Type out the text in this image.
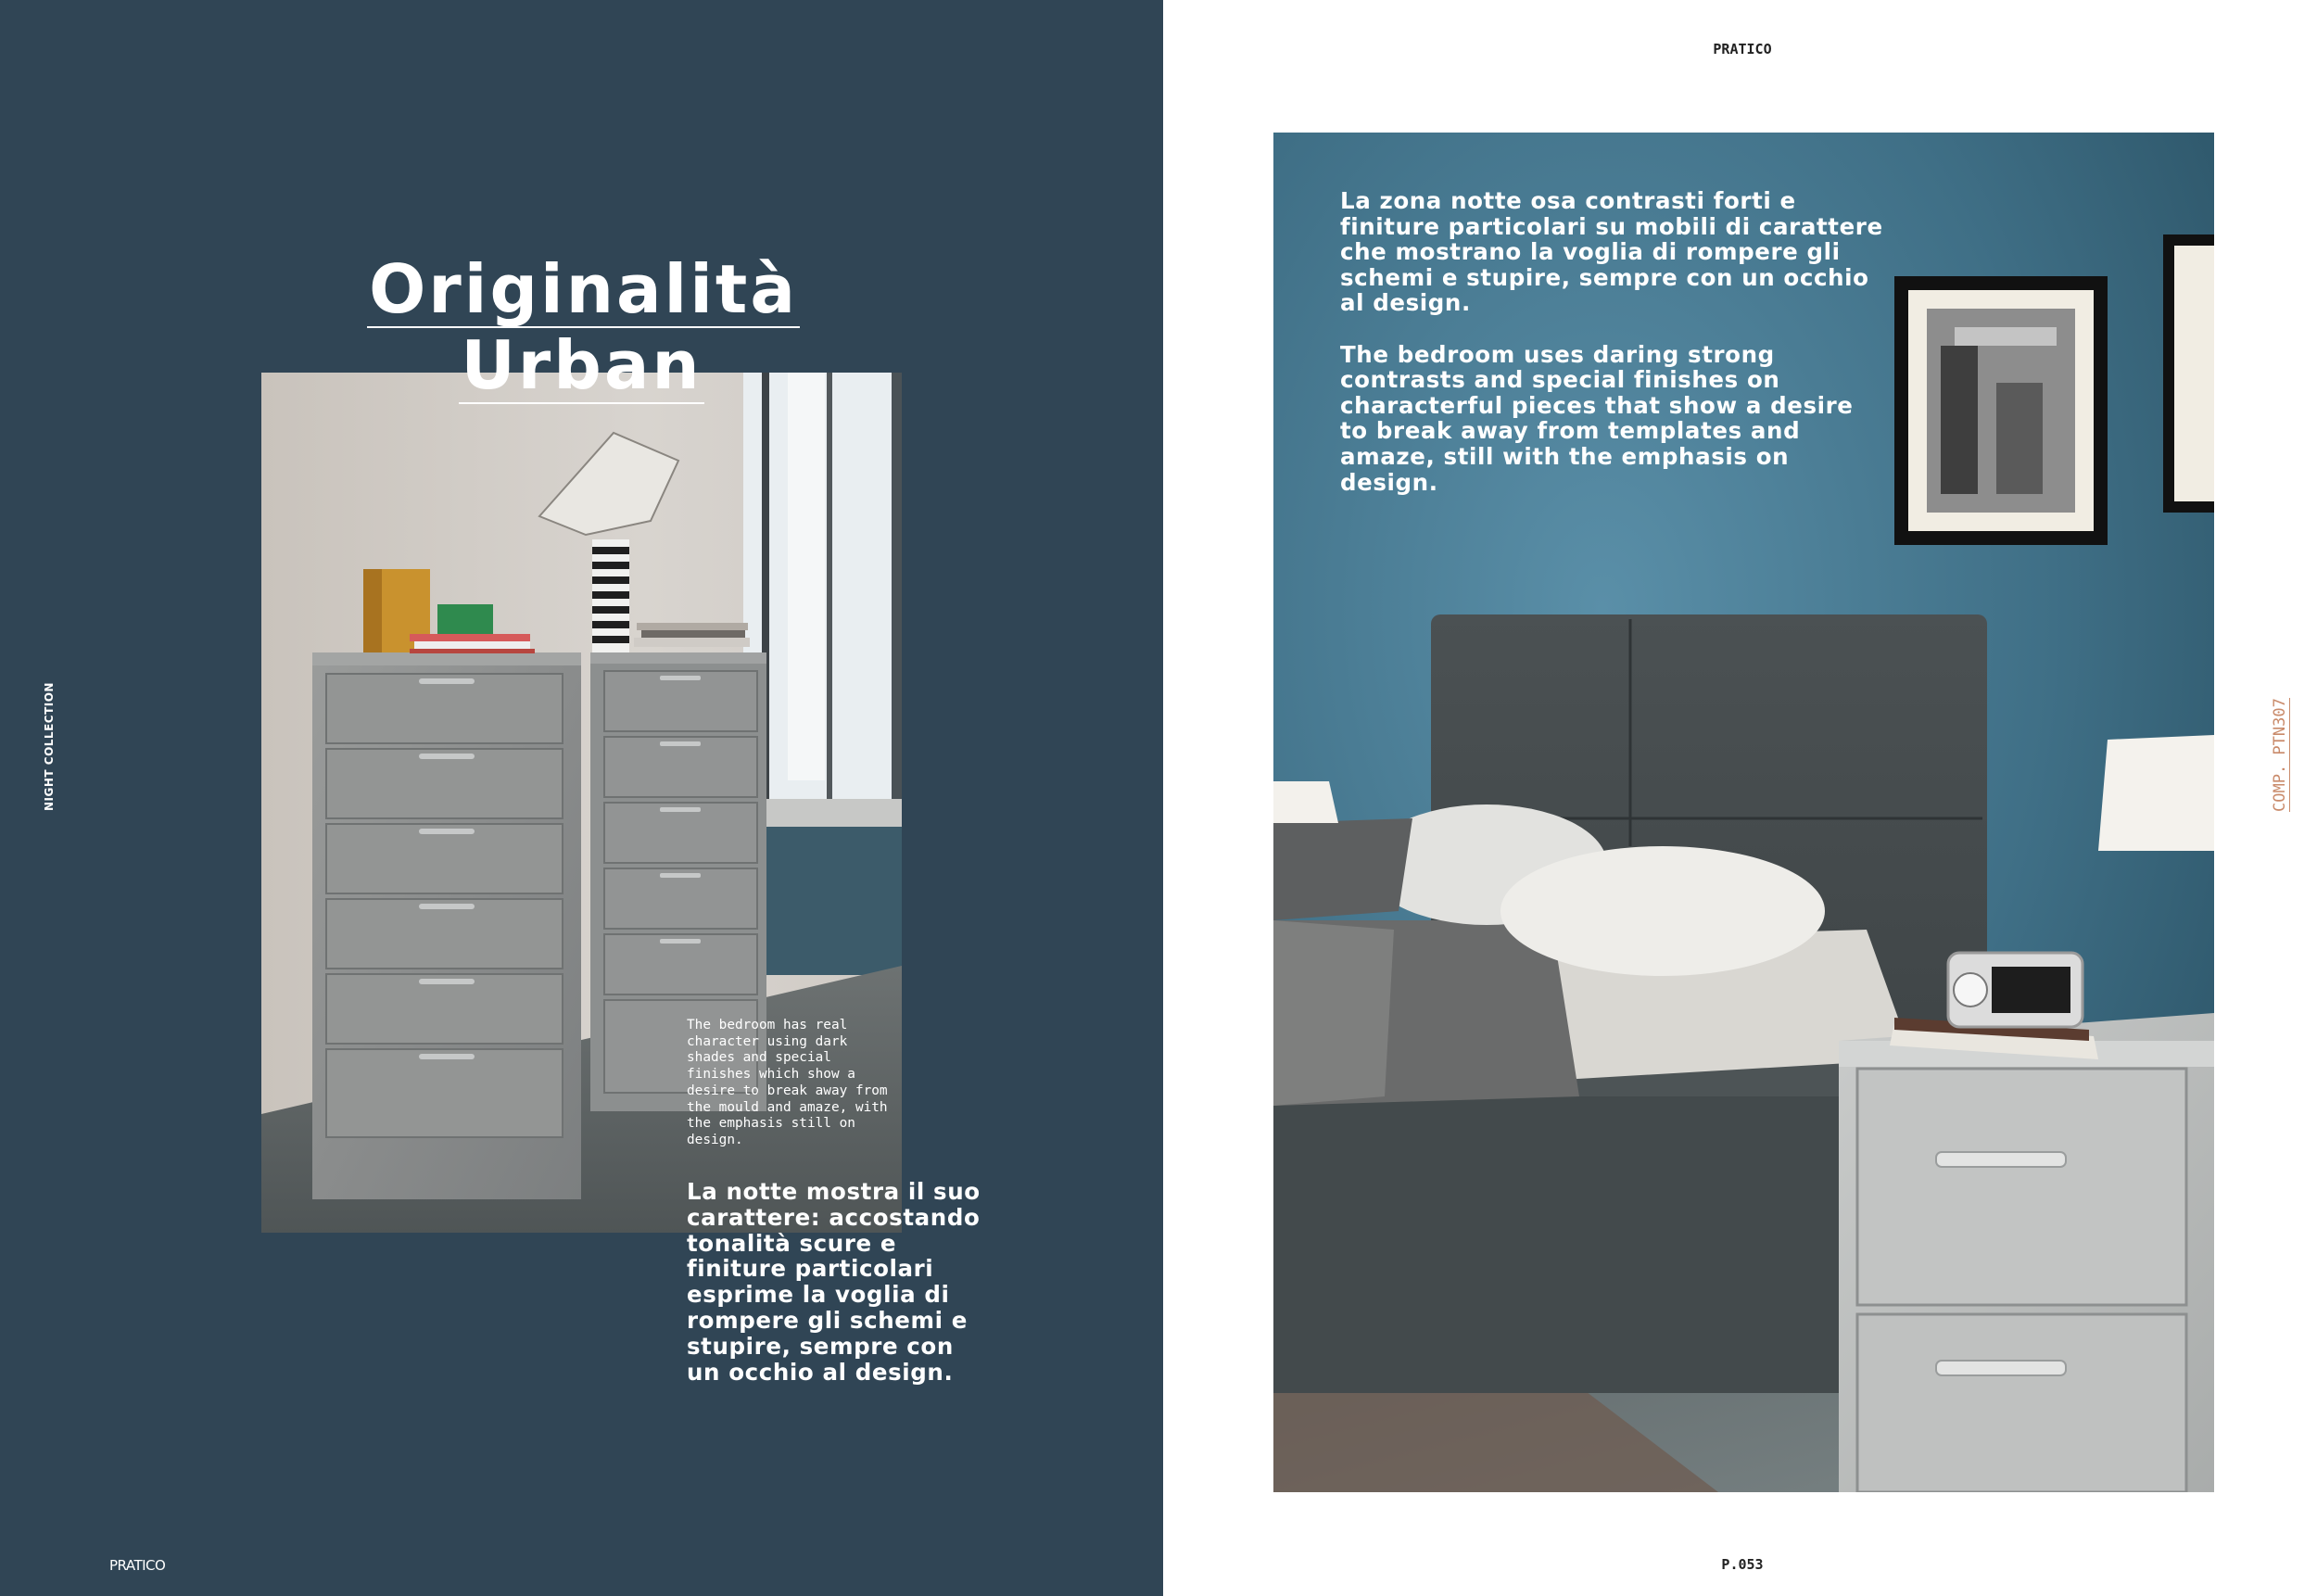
NIGHT COLLECTION
Originalità
Urban
The bedroom has real character using dark shades and special finishes which show a desire to break away from the mould and amaze, with the emphasis still on design.
La notte mostra il suo carattere: accostando tonalità scure e finiture particolari esprime la voglia di rompere gli schemi e stupire, sempre con un occhio al design.
PRATICO
PRATICO

La zona notte osa contrasti forti e finiture particolari su mobili di carattere che mostrano la voglia di rompere gli schemi e stupire, sempre con un occhio al design.

The bedroom uses daring strong contrasts and special finishes on characterful pieces that show a desire to break away from templates and amaze, still with the emphasis on design.

COMP. PTN307
P.053
